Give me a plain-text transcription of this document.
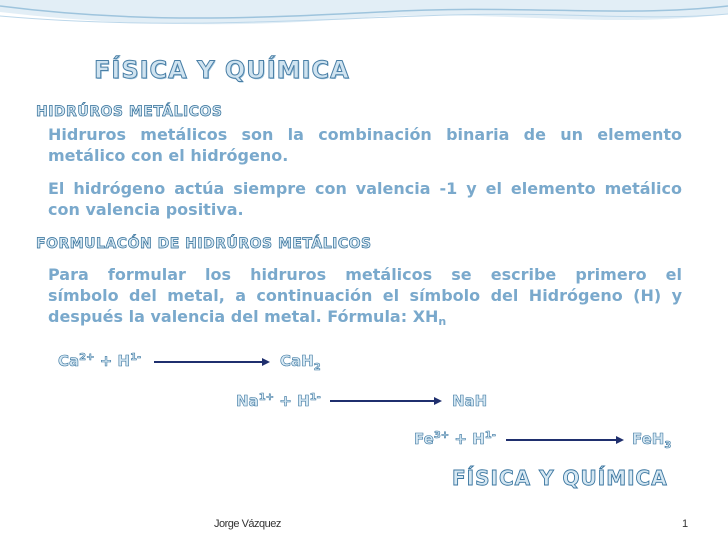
FÍSICA Y QUÍMICA
HIDRÚROS METÁLICOS
Hidruros metálicos son la combinación binaria de un elemento
metálico con el hidrógeno.
El hidrógeno actúa siempre con valencia -1 y el elemento metálico
con valencia positiva.
FORMULACÓN DE HIDRÚROS METÁLICOS
Para formular los hidruros metálicos se escribe primero el
símbolo del metal, a continuación el símbolo del Hidrógeno (H) y
después la valencia del metal. Fórmula: $XH_n$
$Ca^{2+} + H^{1-}$	CaH$_2$
$Na^{1+} + H^{1-}$	NaH
$Fe^{3+} + H^{1-}$	FeH$_3$
FÍSICA Y QUÍMICA
Jorge Vázquez	1
